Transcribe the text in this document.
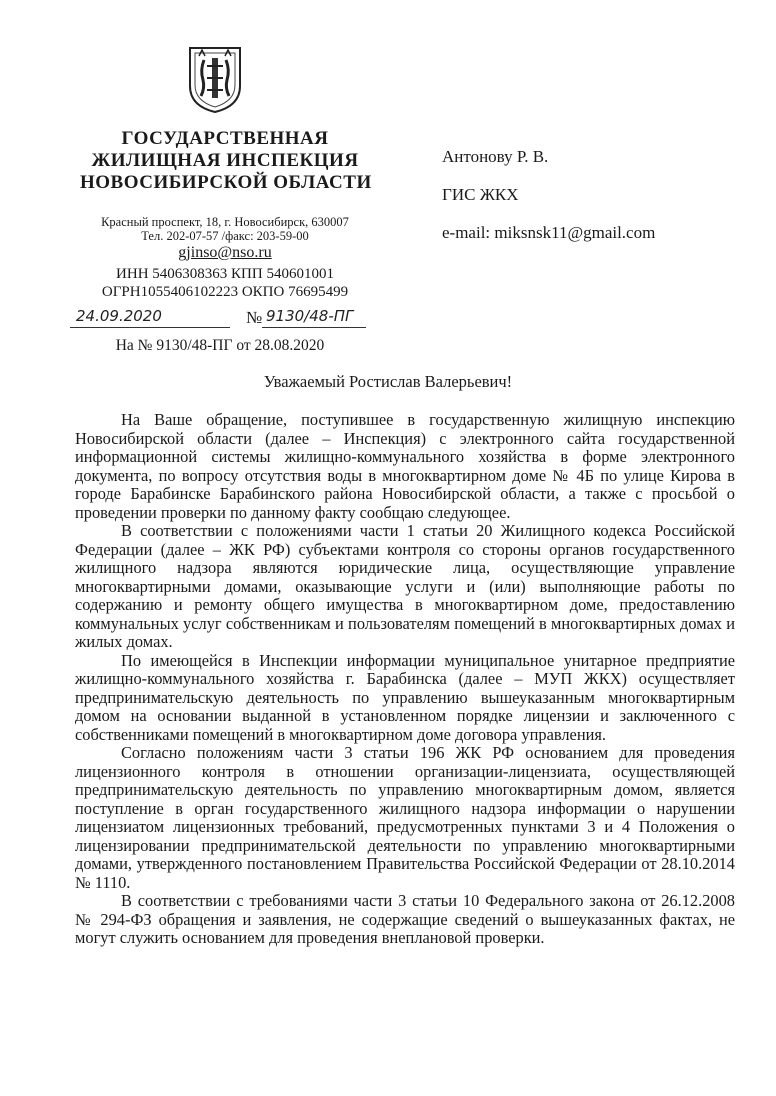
ГОСУДАРСТВЕННАЯ
ЖИЛИЩНАЯ ИНСПЕКЦИЯ
НОВОСИБИРСКОЙ ОБЛАСТИ
Красный проспект, 18, г. Новосибирск, 630007
Тел. 202-07-57 /факс: 203-59-00
gjinso@nso.ru
ИНН 5406308363 КПП 540601001
ОГРН1055406102223 ОКПО 76695499
24.09.2020	№ 9130/48-ПГ
На № 9130/48-ПГ от 28.08.2020
Антонову Р. В.
ГИС ЖКХ
e-mail: miksnsk11@gmail.com
Уважаемый Ростислав Валерьевич!

На Ваше обращение, поступившее в государственную жилищную инспекцию Новосибирской области (далее – Инспекция) с электронного сайта государственной информационной системы жилищно-коммунального хозяйства в форме электронного документа, по вопросу отсутствия воды в многоквартирном доме № 4Б по улице Кирова в городе Барабинске Барабинского района Новосибирской области, а также с просьбой о проведении проверки по данному факту сообщаю следующее.

В соответствии с положениями части 1 статьи 20 Жилищного кодекса Российской Федерации (далее – ЖК РФ) субъектами контроля со стороны органов государственного жилищного надзора являются юридические лица, осуществляющие управление многоквартирными домами, оказывающие услуги и (или) выполняющие работы по содержанию и ремонту общего имущества в многоквартирном доме, предоставлению коммунальных услуг собственникам и пользователям помещений в многоквартирных домах и жилых домах.

По имеющейся в Инспекции информации муниципальное унитарное предприятие жилищно-коммунального хозяйства г. Барабинска (далее – МУП ЖКХ) осуществляет предпринимательскую деятельность по управлению вышеуказанным многоквартирным домом на основании выданной в установленном порядке лицензии и заключенного с собственниками помещений в многоквартирном доме договора управления.

Согласно положениям части 3 статьи 196 ЖК РФ основанием для проведения лицензионного контроля в отношении организации-лицензиата, осуществляющей предпринимательскую деятельность по управлению многоквартирным домом, является поступление в орган государственного жилищного надзора информации о нарушении лицензиатом лицензионных требований, предусмотренных пунктами 3 и 4 Положения о лицензировании предпринимательской деятельности по управлению многоквартирными домами, утвержденного постановлением Правительства Российской Федерации от 28.10.2014 № 1110.

В соответствии с требованиями части 3 статьи 10 Федерального закона от 26.12.2008 № 294-ФЗ обращения и заявления, не содержащие сведений о вышеуказанных фактах, не могут служить основанием для проведения внеплановой проверки.
